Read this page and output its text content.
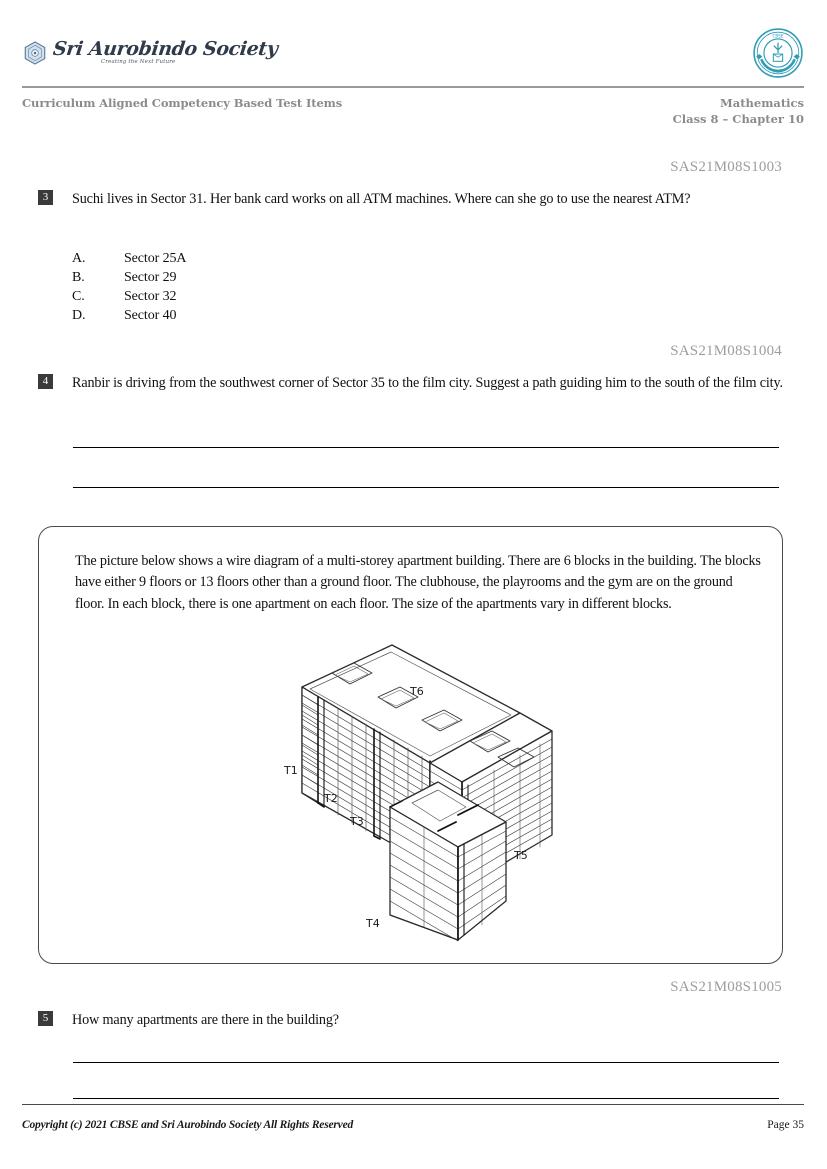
Sri Aurobindo Society
Creating the Next Future
CBSE
INDIA
Curriculum Aligned Competency Based Test Items	Mathematics
Class 8 – Chapter 10
SAS21M08S1003
3	Suchi lives in Sector 31. Her bank card works on all ATM machines. Where can she go to use the nearest ATM?
A.	Sector 25A
B.	Sector 29
C.	Sector 32
D.	Sector 40
SAS21M08S1004
4	Ranbir is driving from the southwest corner of Sector 35 to the film city. Suggest a path guiding him to the south of the film city.
The picture below shows a wire diagram of a multi-storey apartment building. There are 6 blocks in the building. The blocks have either 9 floors or 13 floors other than a ground floor. The clubhouse, the playrooms and the gym are on the ground floor. In each block, there is one apartment on each floor. The size of the apartments vary in different blocks.
T1
T2
T3
T4
T5
T6
SAS21M08S1005
5	How many apartments are there in the building?
Copyright (c) 2021 CBSE and Sri Aurobindo Society All Rights Reserved	Page 35
